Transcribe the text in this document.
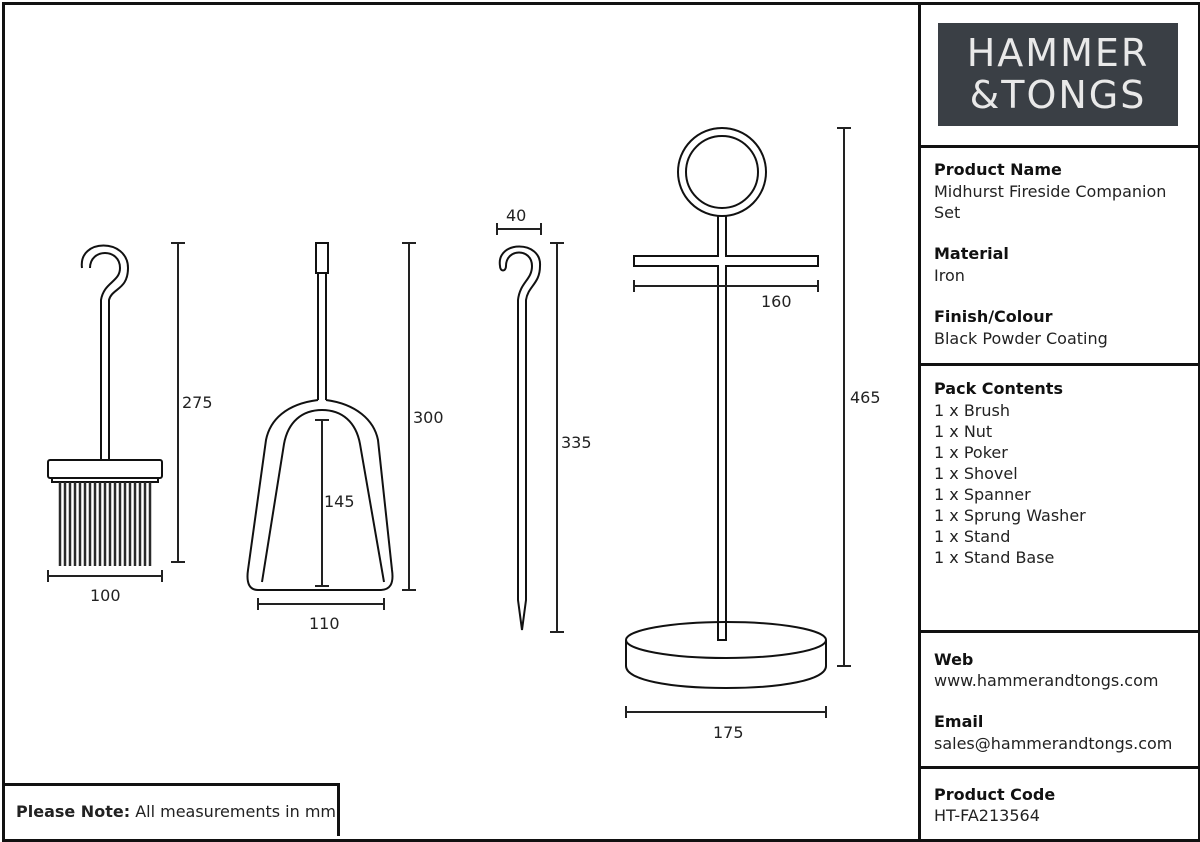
HAMMER
&TONGS
Product Name
Midhurst Fireside Companion Set
Material
Iron
Finish/Colour
Black Powder Coating
Pack Contents
1 x Brush
1 x Nut
1 x Poker
1 x Shovel
1 x Spanner
1 x Sprung Washer
1 x Stand
1 x Stand Base
Web
www.hammerandtongs.com
Email
sales@hammerandtongs.com
Product Code
HT-FA213564
Please Note: All measurements in mm
275
100
300
145
110
40
335
160
465
175
